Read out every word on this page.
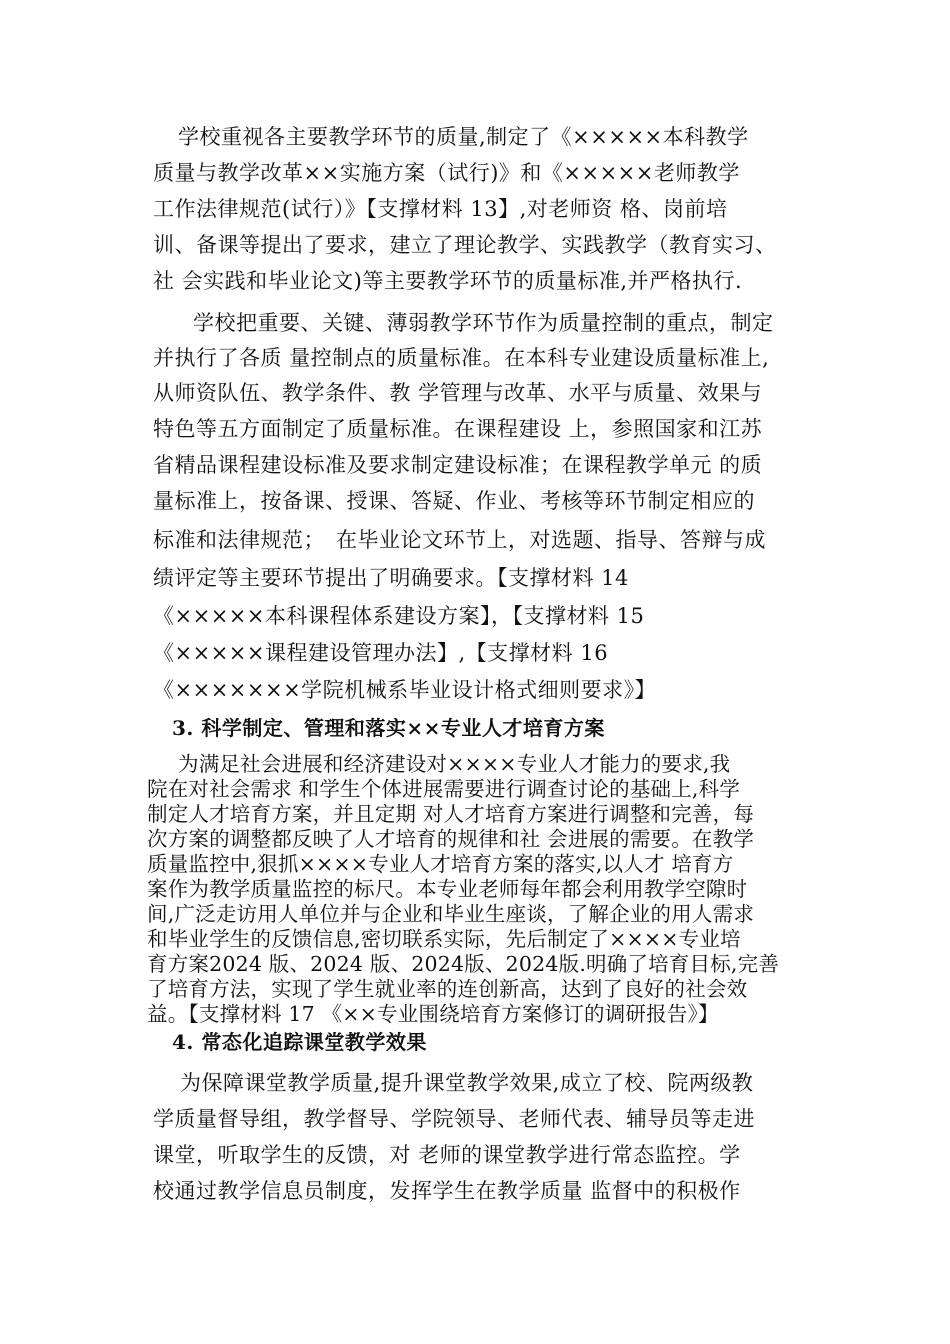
学校重视各主要教学环节的质量,制定了《×××××本科教学
质量与教学改革××实施方案（试行)》和《×××××老师教学
工作法律规范(试行）》【支撑材料 13】,对老师资 格、岗前培
训、备课等提出了要求，建立了理论教学、实践教学（教育实习、
社 会实践和毕业论文)等主要教学环节的质量标准,并严格执行.
学校把重要、关键、薄弱教学环节作为质量控制的重点，制定
并执行了各质 量控制点的质量标准。在本科专业建设质量标准上,
从师资队伍、教学条件、教 学管理与改革、水平与质量、效果与
特色等五方面制定了质量标准。在课程建设 上，参照国家和江苏
省精品课程建设标准及要求制定建设标准；在课程教学单元 的质
量标准上，按备课、授课、答疑、作业、考核等环节制定相应的
标准和法律规范；　在毕业论文环节上，对选题、指导、答辩与成
绩评定等主要环节提出了明确要求。【支撑材料 14
《×××××本科课程体系建设方案】，【支撑材料 15
《×××××课程建设管理办法】,【支撑材料 16
《×××××××学院机械系毕业设计格式细则要求》】
3. 科学制定、管理和落实××专业人才培育方案
为满足社会进展和经济建设对××××专业人才能力的要求,我
院在对社会需求 和学生个体进展需要进行调查讨论的基础上,科学
制定人才培育方案，并且定期 对人才培育方案进行调整和完善，每
次方案的调整都反映了人才培育的规律和社 会进展的需要。在教学
质量监控中,狠抓××××专业人才培育方案的落实,以人才 培育方
案作为教学质量监控的标尺。本专业老师每年都会利用教学空隙时
间,广泛走访用人单位并与企业和毕业生座谈，了解企业的用人需求
和毕业学生的反馈信息,密切联系实际，先后制定了××××专业培
育方案2024 版、2024 版、2024版、2024版.明确了培育目标,完善
了培育方法，实现了学生就业率的连创新高，达到了良好的社会效
益。【支撑材料 17 《××专业围绕培育方案修订的调研报告》】
4. 常态化追踪课堂教学效果
为保障课堂教学质量,提升课堂教学效果,成立了校、院两级教
学质量督导组，教学督导、学院领导、老师代表、辅导员等走进
课堂，听取学生的反馈，对 老师的课堂教学进行常态监控。学
校通过教学信息员制度，发挥学生在教学质量 监督中的积极作
